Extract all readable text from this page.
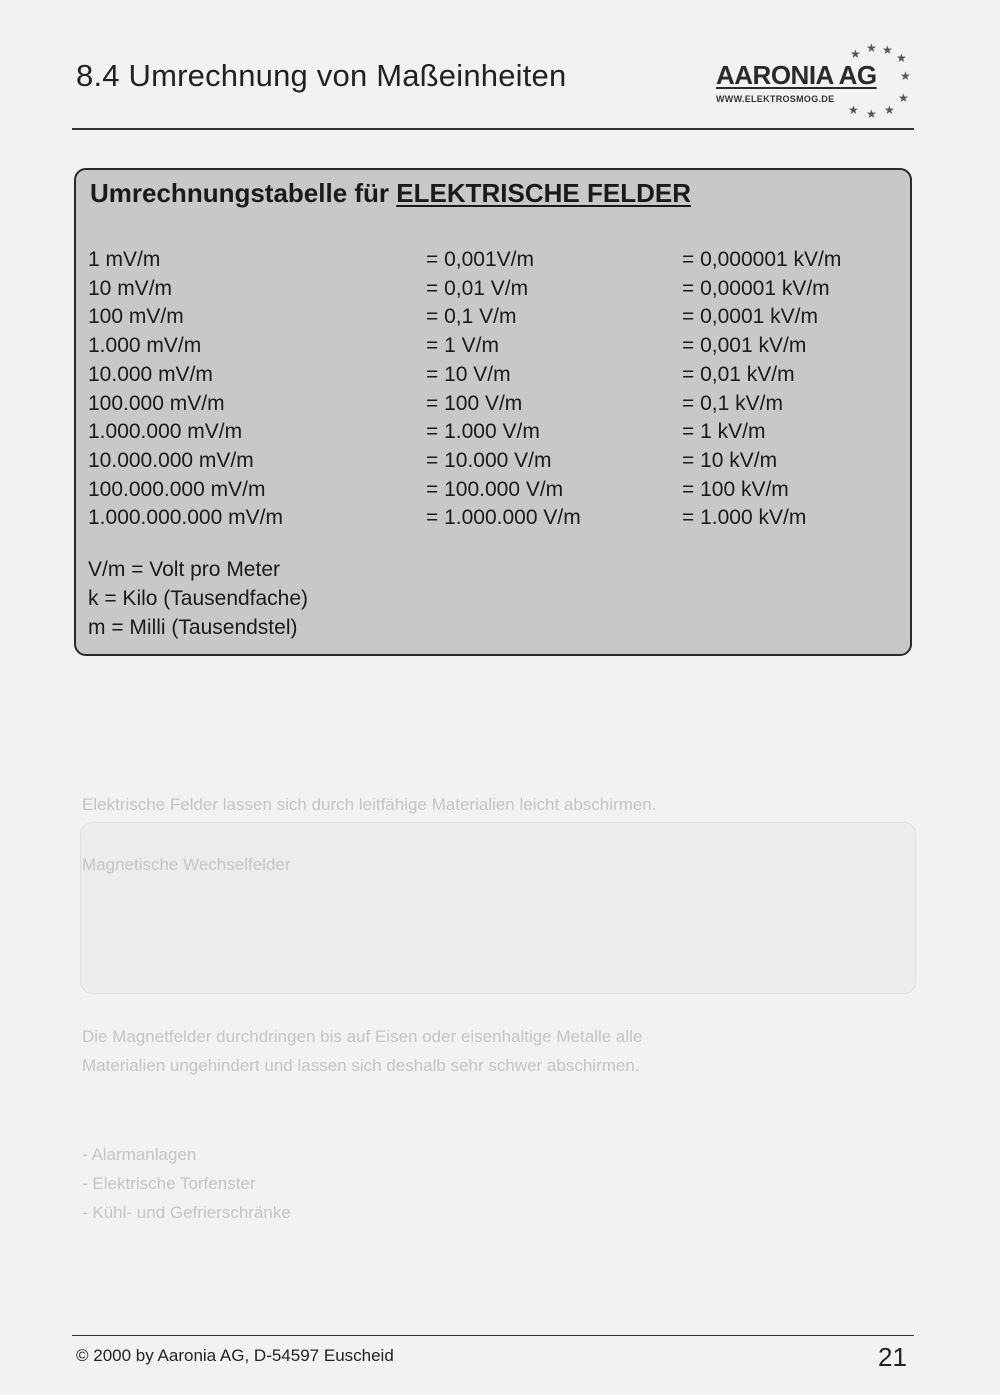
Elektrische Felder lassen sich durch leitfähige Materialien leicht abschirmen.
Magnetische Wechselfelder
Die Magnetfelder durchdringen bis auf Eisen oder eisenhaltige Metalle alle
Materialien ungehindert und lassen sich deshalb sehr schwer abschirmen.
- Alarmanlagen
- Elektrische Torfenster
- Kühl- und Gefrierschränke
8.4 Umrechnung von Maßeinheiten
★ ★
★
★
★
★
★
★
★
AARONIA AG
WWW.ELEKTROSMOG.DE
Umrechnungstabelle für ELEKTRISCHE FELDER
1 mV/m	= 0,001V/m	= 0,000001 kV/m
10 mV/m	= 0,01 V/m	= 0,00001 kV/m
100 mV/m	= 0,1 V/m	= 0,0001 kV/m
1.000 mV/m	= 1 V/m	= 0,001 kV/m
10.000 mV/m	= 10 V/m	= 0,01 kV/m
100.000 mV/m	= 100 V/m	= 0,1 kV/m
1.000.000 mV/m	= 1.000 V/m	= 1 kV/m
10.000.000 mV/m	= 10.000 V/m	= 10 kV/m
100.000.000 mV/m	= 100.000 V/m	= 100 kV/m
1.000.000.000 mV/m	= 1.000.000 V/m	= 1.000 kV/m
V/m = Volt pro Meter
k = Kilo (Tausendfache)
m = Milli (Tausendstel)
© 2000 by Aaronia AG, D-54597 Euscheid	21
